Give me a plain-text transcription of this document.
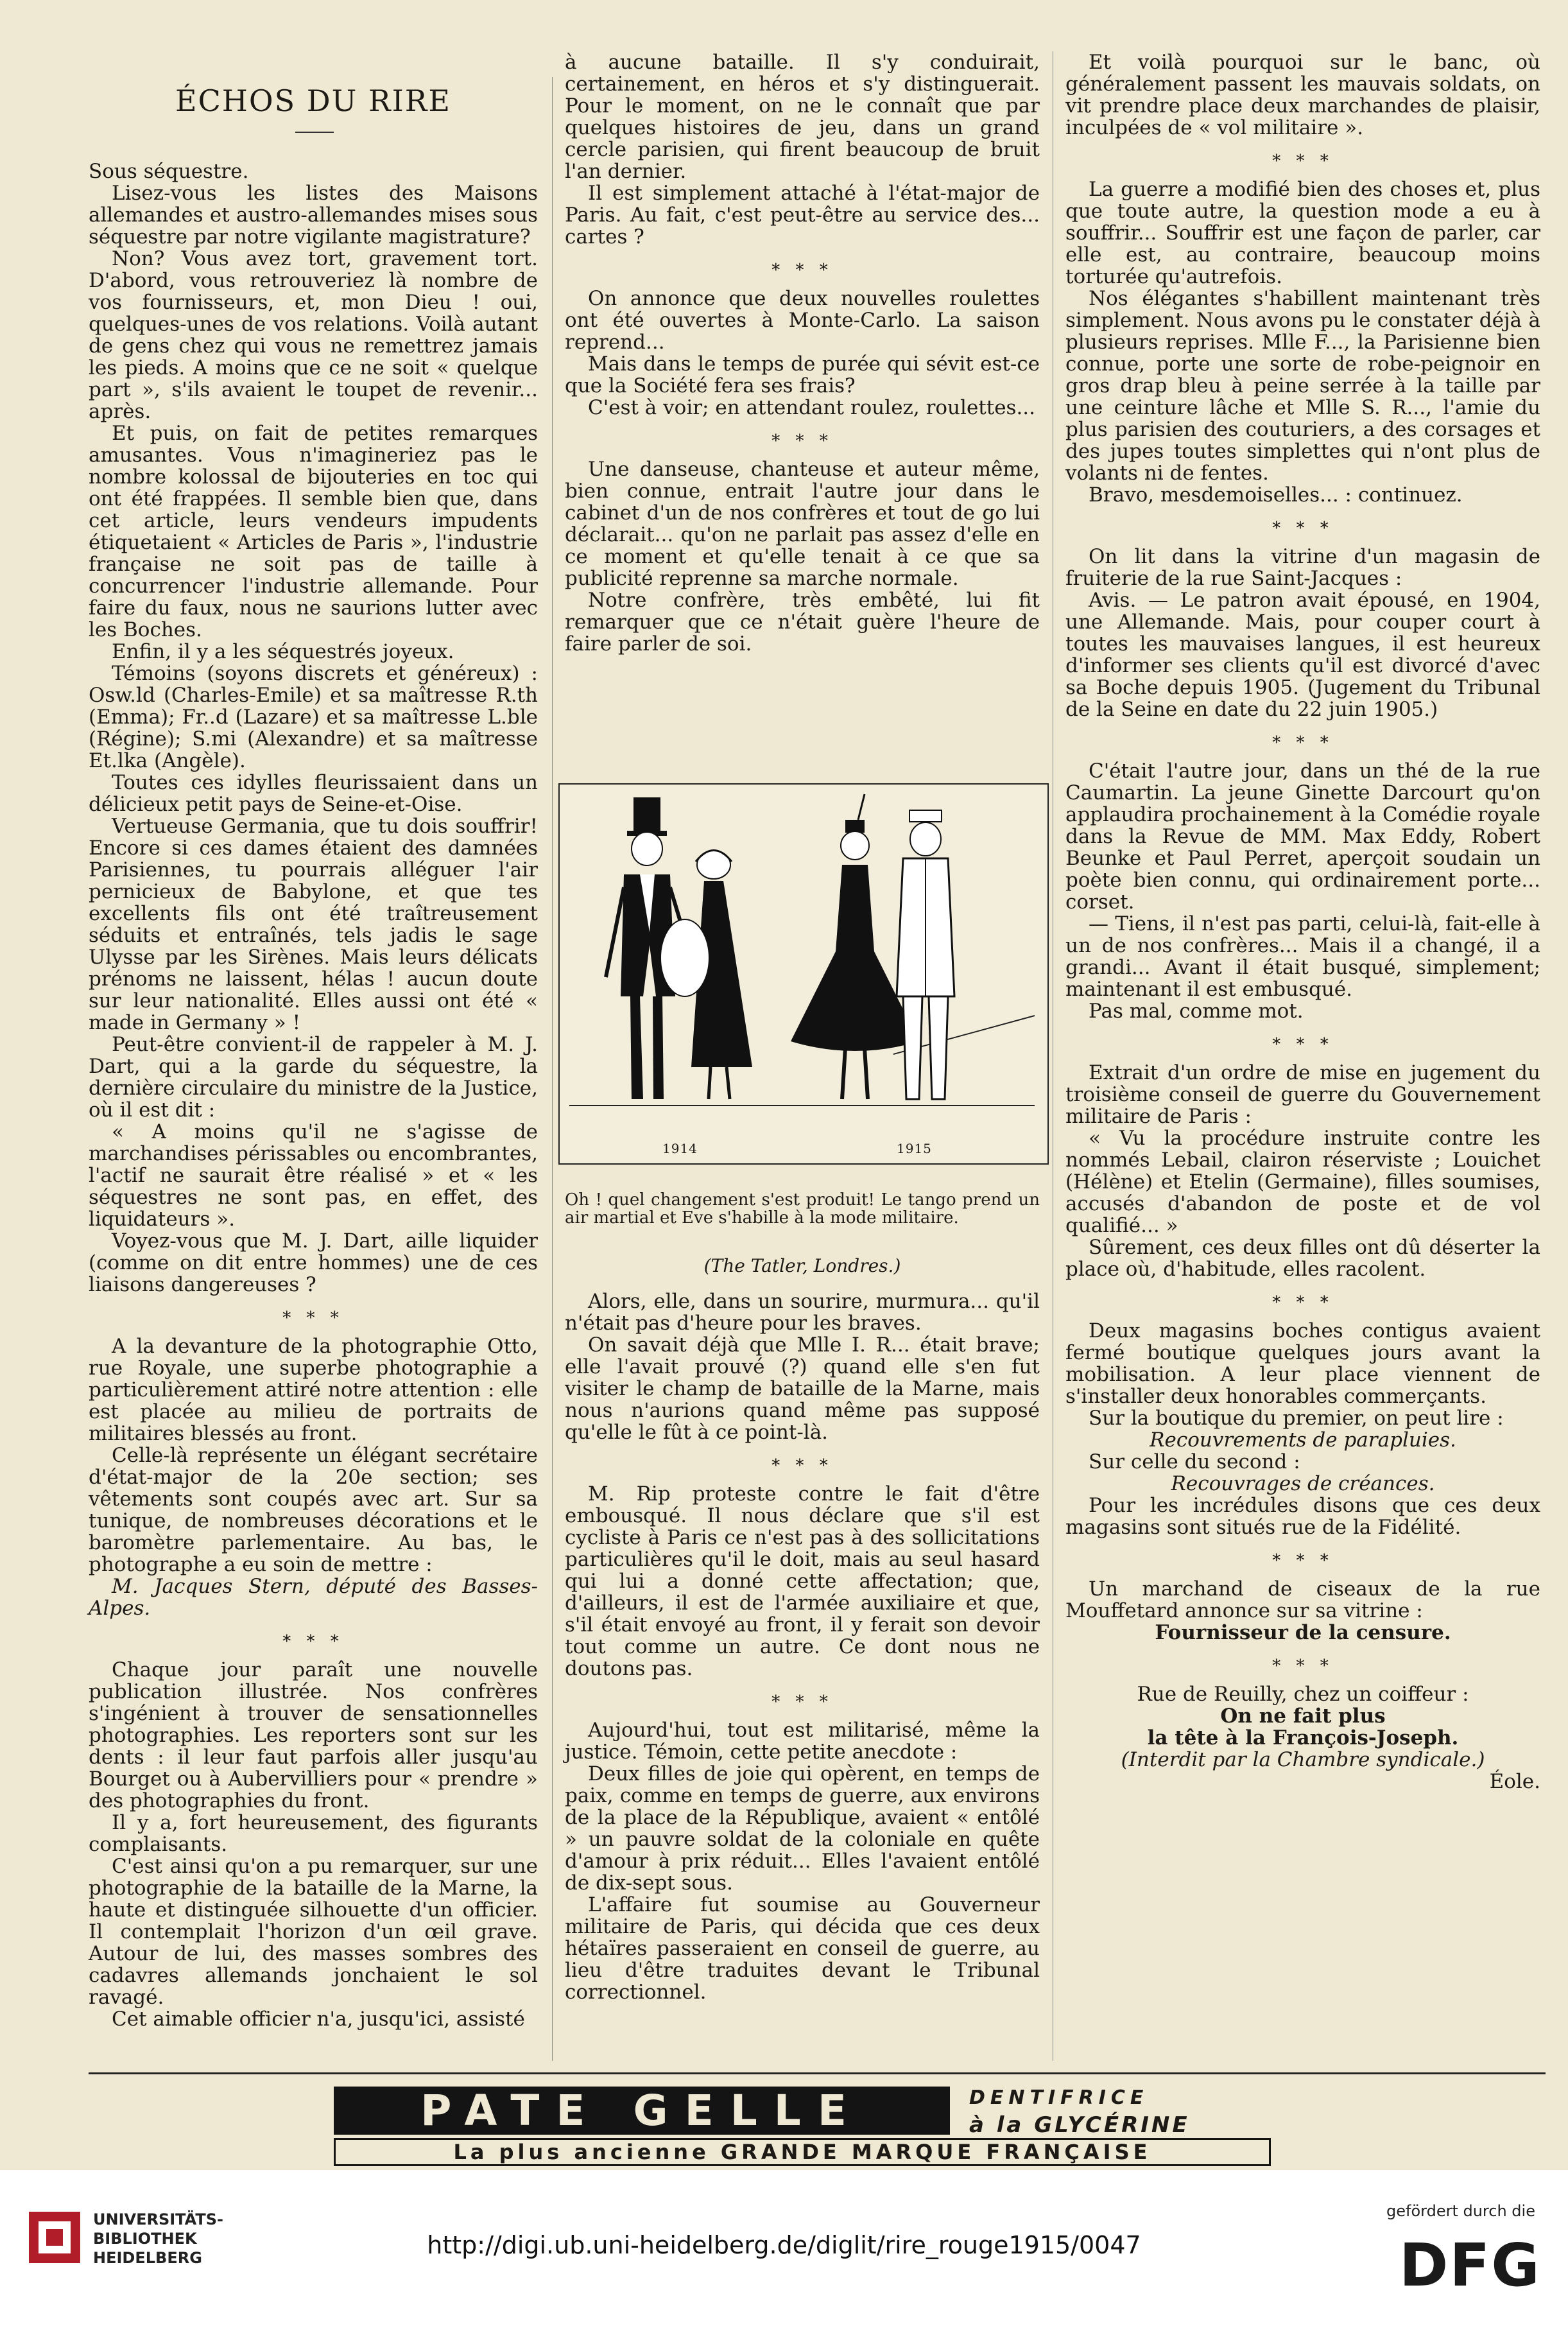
ÉCHOS DU RIRE

Sous séquestre.

Lisez-vous les listes des Maisons allemandes et austro-allemandes mises sous séquestre par notre vigilante magistrature?

Non? Vous avez tort, gravement tort. D'abord, vous retrouveriez là nombre de vos fournisseurs, et, mon Dieu ! oui, quelques-unes de vos relations. Voilà autant de gens chez qui vous ne remettrez jamais les pieds. A moins que ce ne soit « quelque part », s'ils avaient le toupet de revenir... après.

Et puis, on fait de petites remarques amusantes. Vous n'imagineriez pas le nombre kolossal de bijouteries en toc qui ont été frappées. Il semble bien que, dans cet article, leurs vendeurs impudents étiquetaient « Articles de Paris », l'industrie française ne soit pas de taille à concurrencer l'industrie allemande. Pour faire du faux, nous ne saurions lutter avec les Boches.

Enfin, il y a les séquestrés joyeux.

Témoins (soyons discrets et généreux) : Osw.ld (Charles-Emile) et sa maîtresse R.th (Emma); Fr..d (Lazare) et sa maîtresse L.ble (Régine); S.mi (Alexandre) et sa maîtresse Et.lka (Angèle).

Toutes ces idylles fleurissaient dans un délicieux petit pays de Seine-et-Oise.

Vertueuse Germania, que tu dois souffrir! Encore si ces dames étaient des damnées Parisiennes, tu pourrais alléguer l'air pernicieux de Babylone, et que tes excellents fils ont été traîtreusement séduits et entraînés, tels jadis le sage Ulysse par les Sirènes. Mais leurs délicats prénoms ne laissent, hélas ! aucun doute sur leur nationalité. Elles aussi ont été « made in Germany » !

Peut-être convient-il de rappeler à M. J. Dart, qui a la garde du séquestre, la dernière circulaire du ministre de la Justice, où il est dit :

« A moins qu'il ne s'agisse de marchandises périssables ou encombrantes, l'actif ne saurait être réalisé » et « les séquestres ne sont pas, en effet, des liquidateurs ».

Voyez-vous que M. J. Dart, aille liquider (comme on dit entre hommes) une de ces liaisons dangereuses ?

* * *

A la devanture de la photographie Otto, rue Royale, une superbe photographie a particulièrement attiré notre attention : elle est placée au milieu de portraits de militaires blessés au front.

Celle-là représente un élégant secrétaire d'état-major de la 20e section; ses vêtements sont coupés avec art. Sur sa tunique, de nombreuses décorations et le baromètre parlementaire. Au bas, le photographe a eu soin de mettre :

M. Jacques Stern, député des Basses-Alpes.

* * *

Chaque jour paraît une nouvelle publication illustrée. Nos confrères s'ingénient à trouver de sensationnelles photographies. Les reporters sont sur les dents : il leur faut parfois aller jusqu'au Bourget ou à Aubervilliers pour « prendre » des photographies du front.

Il y a, fort heureusement, des figurants complaisants.

C'est ainsi qu'on a pu remarquer, sur une photographie de la bataille de la Marne, la haute et distinguée silhouette d'un officier. Il contemplait l'horizon d'un œil grave. Autour de lui, des masses sombres des cadavres allemands jonchaient le sol ravagé.

Cet aimable officier n'a, jusqu'ici, assisté

à aucune bataille. Il s'y conduirait, certainement, en héros et s'y distinguerait. Pour le moment, on ne le connaît que par quelques histoires de jeu, dans un grand cercle parisien, qui firent beaucoup de bruit l'an dernier.

Il est simplement attaché à l'état-major de Paris. Au fait, c'est peut-être au service des... cartes ?

* * *

On annonce que deux nouvelles roulettes ont été ouvertes à Monte-Carlo. La saison reprend...

Mais dans le temps de purée qui sévit est-ce que la Société fera ses frais?

C'est à voir; en attendant roulez, roulettes...

* * *

Une danseuse, chanteuse et auteur même, bien connue, entrait l'autre jour dans le cabinet d'un de nos confrères et tout de go lui déclarait... qu'on ne parlait pas assez d'elle en ce moment et qu'elle tenait à ce que sa publicité reprenne sa marche normale.

Notre confrère, très embêté, lui fit remarquer que ce n'était guère l'heure de faire parler de soi.

1914	1915
Oh ! quel changement s'est produit! Le tango prend un air martial et Eve s'habille à la mode militaire.
(The Tatler, Londres.)

Alors, elle, dans un sourire, murmura... qu'il n'était pas d'heure pour les braves.

On savait déjà que Mlle I. R... était brave; elle l'avait prouvé (?) quand elle s'en fut visiter le champ de bataille de la Marne, mais nous n'aurions quand même pas supposé qu'elle le fût à ce point-là.

* * *

M. Rip proteste contre le fait d'être embousqué. Il nous déclare que s'il est cycliste à Paris ce n'est pas à des sollicitations particulières qu'il le doit, mais au seul hasard qui lui a donné cette affectation; que, d'ailleurs, il est de l'armée auxiliaire et que, s'il était envoyé au front, il y ferait son devoir tout comme un autre. Ce dont nous ne doutons pas.

* * *

Aujourd'hui, tout est militarisé, même la justice. Témoin, cette petite anecdote :

Deux filles de joie qui opèrent, en temps de paix, comme en temps de guerre, aux environs de la place de la République, avaient « entôlé » un pauvre soldat de la coloniale en quête d'amour à prix réduit... Elles l'avaient entôlé de dix-sept sous.

L'affaire fut soumise au Gouverneur militaire de Paris, qui décida que ces deux hétaïres passeraient en conseil de guerre, au lieu d'être traduites devant le Tribunal correctionnel.

Et voilà pourquoi sur le banc, où généralement passent les mauvais soldats, on vit prendre place deux marchandes de plaisir, inculpées de « vol militaire ».

* * *

La guerre a modifié bien des choses et, plus que toute autre, la question mode a eu à souffrir... Souffrir est une façon de parler, car elle est, au contraire, beaucoup moins torturée qu'autrefois.

Nos élégantes s'habillent maintenant très simplement. Nous avons pu le constater déjà à plusieurs reprises. Mlle F..., la Parisienne bien connue, porte une sorte de robe-peignoir en gros drap bleu à peine serrée à la taille par une ceinture lâche et Mlle S. R..., l'amie du plus parisien des couturiers, a des corsages et des jupes toutes simplettes qui n'ont plus de volants ni de fentes.

Bravo, mesdemoiselles... : continuez.

* * *

On lit dans la vitrine d'un magasin de fruiterie de la rue Saint-Jacques :

Avis. — Le patron avait épousé, en 1904, une Allemande. Mais, pour couper court à toutes les mauvaises langues, il est heureux d'informer ses clients qu'il est divorcé d'avec sa Boche depuis 1905. (Jugement du Tribunal de la Seine en date du 22 juin 1905.)

* * *

C'était l'autre jour, dans un thé de la rue Caumartin. La jeune Ginette Darcourt qu'on applaudira prochainement à la Comédie royale dans la Revue de MM. Max Eddy, Robert Beunke et Paul Perret, aperçoit soudain un poète bien connu, qui ordinairement porte... corset.

— Tiens, il n'est pas parti, celui-là, fait-elle à un de nos confrères... Mais il a changé, il a grandi... Avant il était busqué, simplement; maintenant il est embusqué.

Pas mal, comme mot.

* * *

Extrait d'un ordre de mise en jugement du troisième conseil de guerre du Gouvernement militaire de Paris :

« Vu la procédure instruite contre les nommés Lebail, clairon réserviste ; Louichet (Hélène) et Etelin (Germaine), filles soumises, accusés d'abandon de poste et de vol qualifié... »

Sûrement, ces deux filles ont dû déserter la place où, d'habitude, elles racolent.

* * *

Deux magasins boches contigus avaient fermé boutique quelques jours avant la mobilisation. A leur place viennent de s'installer deux honorables commerçants.

Sur la boutique du premier, on peut lire :

Recouvrements de parapluies.

Sur celle du second :

Recouvrages de créances.

Pour les incrédules disons que ces deux magasins sont situés rue de la Fidélité.

* * *

Un marchand de ciseaux de la rue Mouffetard annonce sur sa vitrine :

Fournisseur de la censure.

* * *

Rue de Reuilly, chez un coiffeur :

On ne fait plus

la tête à la François-Joseph.

(Interdit par la Chambre syndicale.)

Éole.

PATE GELLE	DENTIFRICE
à la GLYCÉRINE
La plus ancienne GRANDE MARQUE FRANÇAISE
UNIVERSITÄTS-
BIBLIOTHEK
HEIDELBERG	http://digi.ub.uni-heidelberg.de/diglit/rire_rouge1915/0047
gefördert durch die
DFG
